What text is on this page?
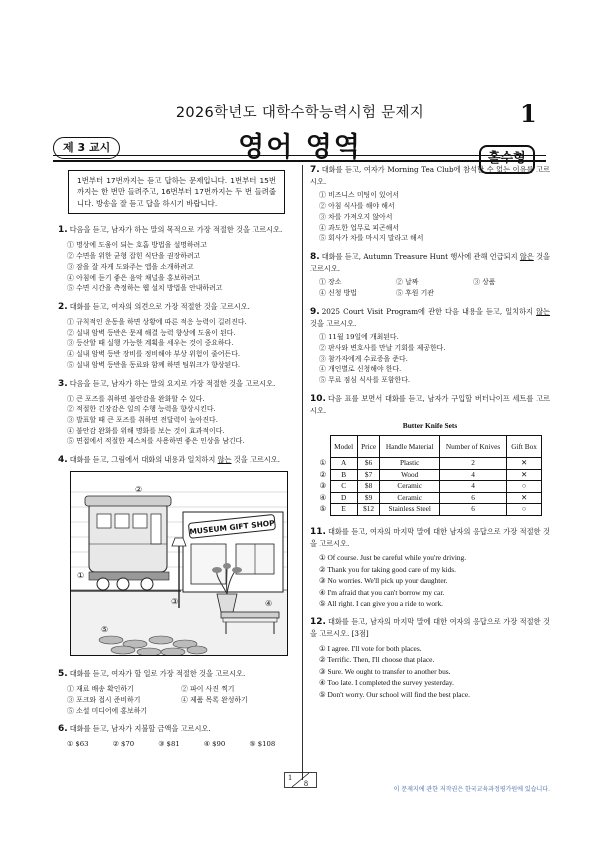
2026학년도 대학수학능력시험 문제지	1
제 3 교시	영어 영역	홀수형
1번부터 17번까지는 듣고 답하는 문제입니다. 1번부터 15번까지는 한 번만 들려주고, 16번부터 17번까지는 두 번 들려줍니다. 방송을 잘 듣고 답을 하시기 바랍니다.
1. 다음을 듣고, 남자가 하는 말의 목적으로 가장 적절한 것을 고르시오.
① 명상에 도움이 되는 호흡 방법을 설명하려고
② 수면을 위한 균형 잡힌 식단을 권장하려고
③ 잠을 잘 자게 도와주는 앱을 소개하려고
④ 아침에 듣기 좋은 음악 채널을 홍보하려고
⑤ 수면 시간을 측정하는 웹 설치 방법을 안내하려고
2. 대화를 듣고, 여자의 의견으로 가장 적절한 것을 고르시오.
① 규칙적인 운동을 하면 상황에 따른 적응 능력이 길러진다.
② 실내 암벽 등반은 문제 해결 능력 향상에 도움이 된다.
③ 등산할 때 실행 가능한 계획을 세우는 것이 중요하다.
④ 실내 암벽 등반 장비를 정비해야 부상 위험이 줄어든다.
⑤ 실내 암벽 등반을 동료와 함께 하면 팀워크가 향상된다.
3. 다음을 듣고, 남자가 하는 말의 요지로 가장 적절한 것을 고르시오.
① 큰 포즈를 취하면 불안감을 완화할 수 있다.
② 적절한 긴장감은 일의 수행 능력을 향상시킨다.
③ 발표할 때 큰 포즈를 취하면 전달력이 높아진다.
④ 불안감 완화를 위해 명화를 보는 것이 효과적이다.
⑤ 면접에서 적절한 제스처를 사용하면 좋은 인상을 남긴다.
4. 대화를 듣고, 그림에서 대화의 내용과 일치하지 않는 것을 고르시오.
MUSEUM GIFT SHOP
①
②
③	④
⑤
5. 대화를 듣고, 여자가 할 일로 가장 적절한 것을 고르시오.
① 재료 배송 확인하기	② 파이 사진 찍기
③ 포크와 접시 준비하기	④ 제품 목록 완성하기
⑤ 소셜 미디어에 홍보하기
6. 대화를 듣고, 남자가 지불할 금액을 고르시오.
① $63	② $70	③ $81	④ $90	⑤ $108
7. 대화를 듣고, 여자가 Morning Tea Club에 참석할 수 없는 이유를 고르시오.
① 비즈니스 미팅이 있어서
② 아침 식사를 해야 해서
③ 차를 가져오지 않아서
④ 과도한 업무로 피곤해서
⑤ 회사가 차를 마시지 말라고 해서
8. 대화를 듣고, Autumn Treasure Hunt 행사에 관해 언급되지 않은 것을 고르시오.
① 장소	② 날짜	③ 상품
④ 신청 방법	⑤ 후원 기관
9. 2025 Court Visit Program에 관한 다음 내용을 듣고, 일치하지 않는 것을 고르시오.
① 11월 19일에 개최된다.
② 판사와 변호사를 만날 기회를 제공한다.
③ 참가자에게 수료증을 준다.
④ 개인별로 신청해야 한다.
⑤ 무료 점심 식사를 포함한다.
10. 다음 표를 보면서 대화를 듣고, 남자가 구입할 버터나이프 세트를 고르시오.
Butter Knife Sets
	Model	Price	Handle Material	Number of Knives	Gift Box
①	A	$6	Plastic	2	✕
②	B	$7	Wood	4	✕
③	C	$8	Ceramic	4	○
④	D	$9	Ceramic	6	✕
⑤	E	$12	Stainless Steel	6	○
11. 대화를 듣고, 여자의 마지막 말에 대한 남자의 응답으로 가장 적절한 것을 고르시오.
① Of course. Just be careful while you're driving.
② Thank you for taking good care of my kids.
③ No worries. We'll pick up your daughter.
④ I'm afraid that you can't borrow my car.
⑤ All right. I can give you a ride to work.
12. 대화를 듣고, 남자의 마지막 말에 대한 여자의 응답으로 가장 적절한 것을 고르시오. [3점]
① I agree. I'll vote for both places.
② Terrific. Then, I'll choose that place.
③ Sure. We ought to transfer to another bus.
④ Too late. I completed the survey yesterday.
⑤ Don't worry. Our school will find the best place.
1
8
이 문제지에 관한 저작권은 한국교육과정평가원에 있습니다.
